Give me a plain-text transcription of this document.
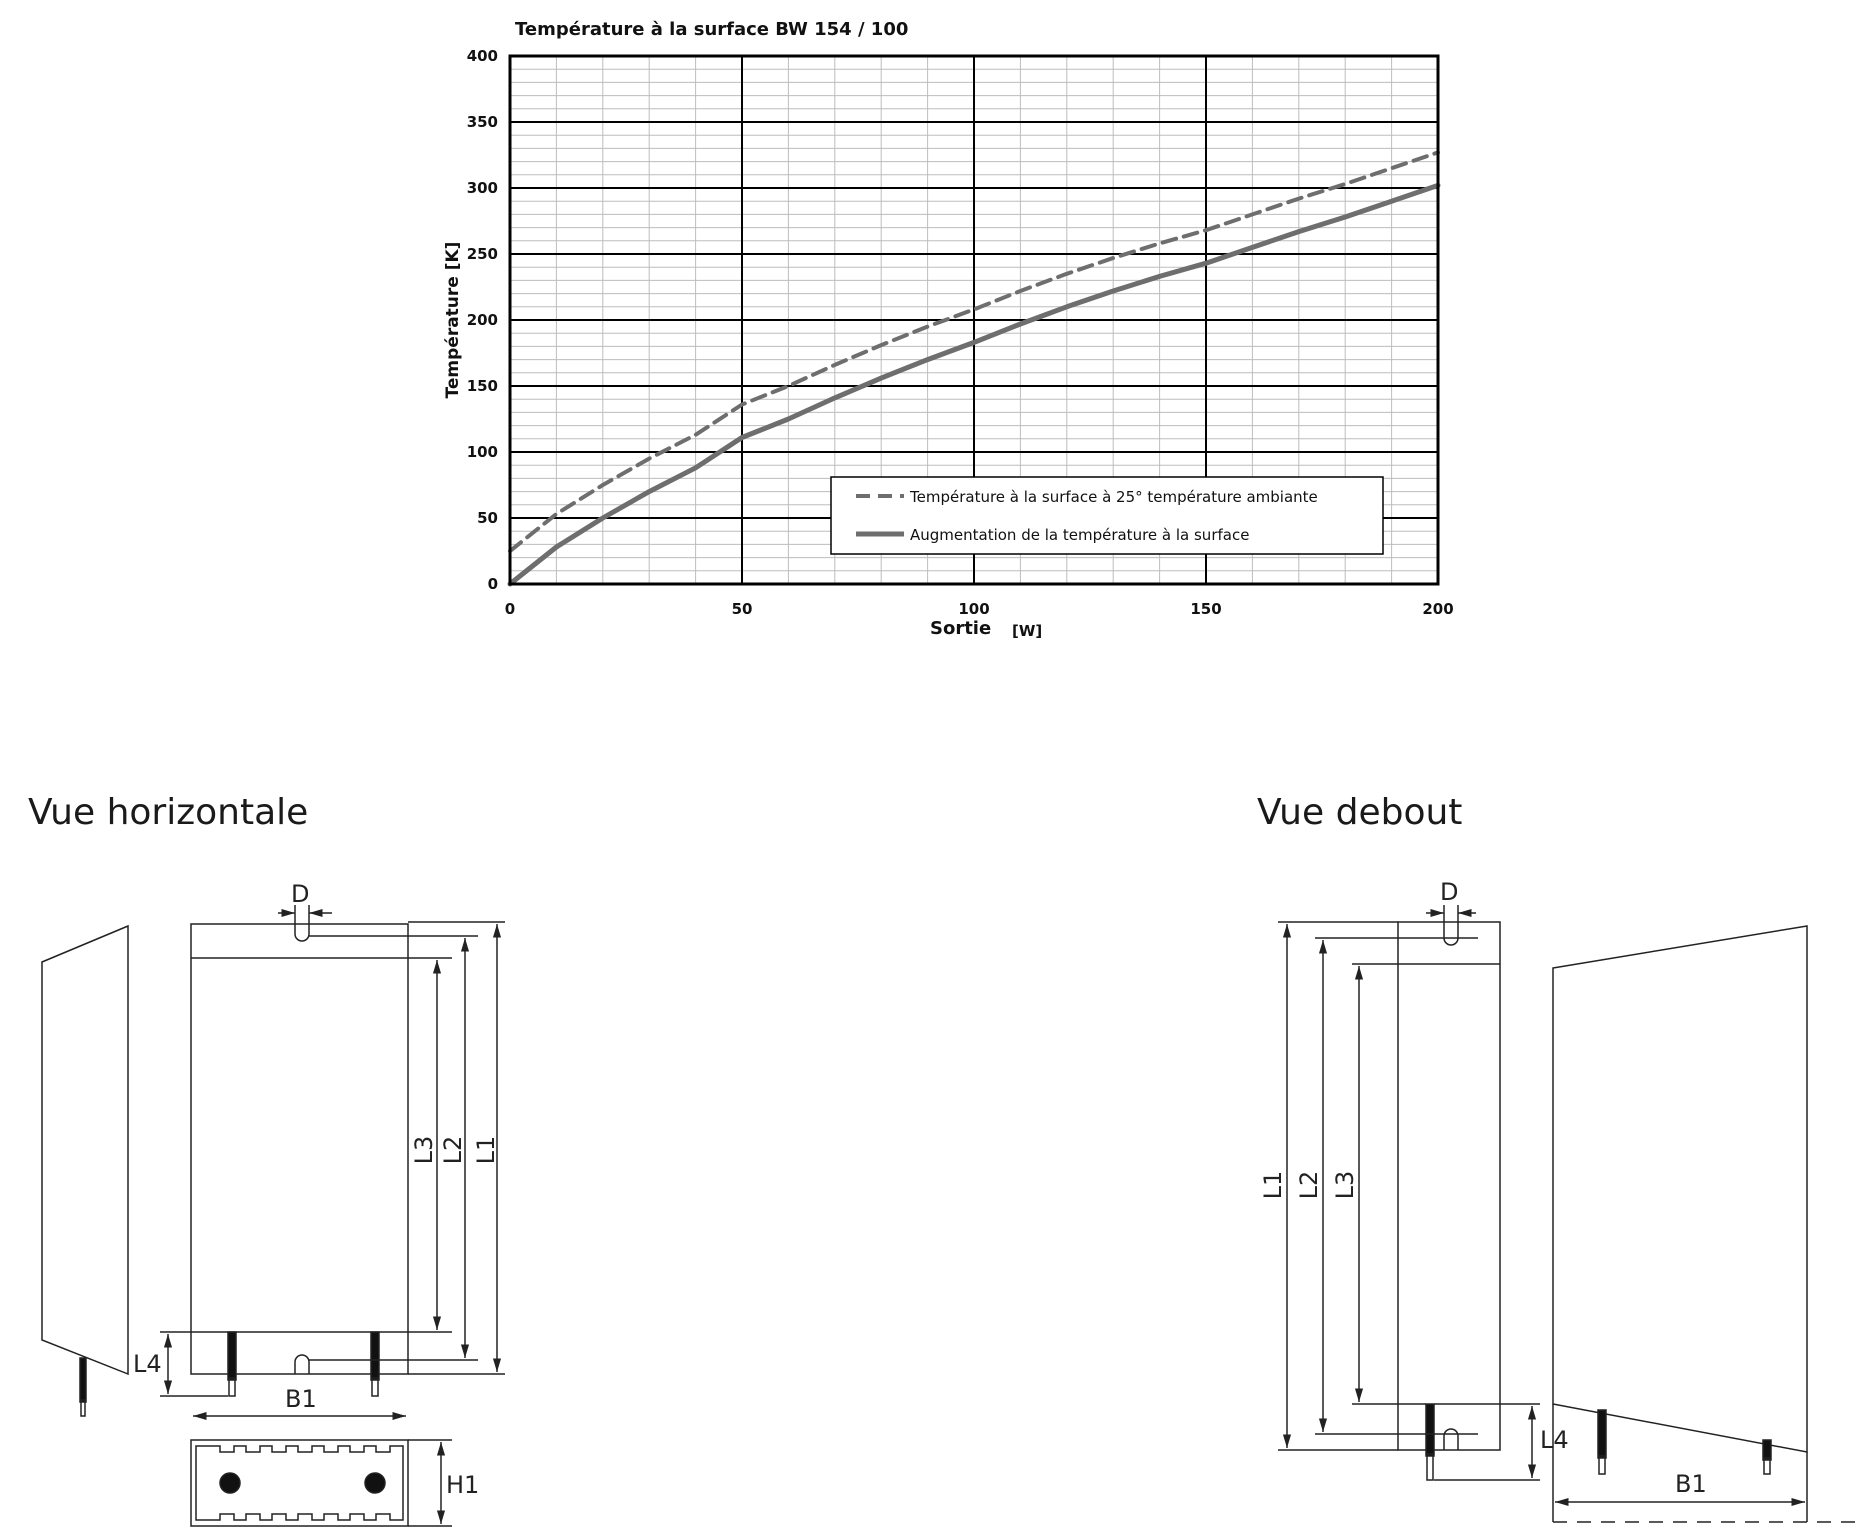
Température à la surface BW 154 / 100
0
50
100
150
200
250
300
350
400
0	50	100	150	200
Température [K]
Sortie [W]
Température à la surface à 25° température ambiante
Augmentation de la température à la surface
Vue horizontale	Vue debout
D
L3 L2 L1
L4
B1
H1
D
L1 L2 L3
L4
B1
